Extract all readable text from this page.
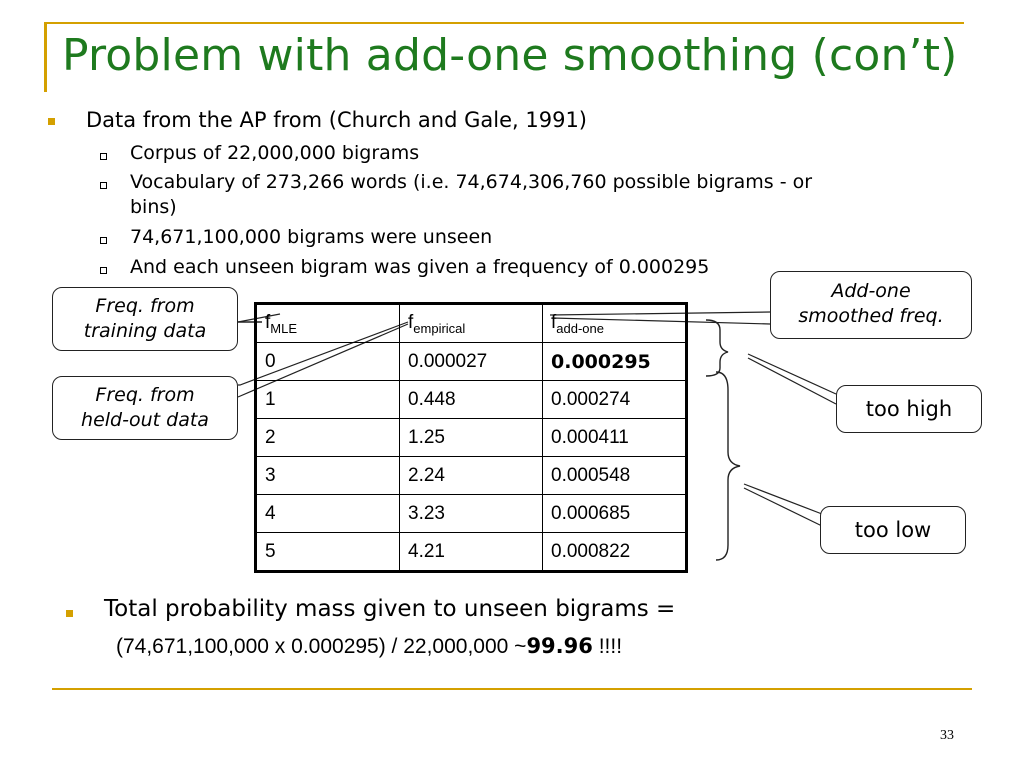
Problem with add-one smoothing (con’t)
Data from the AP from (Church and Gale, 1991)
Corpus of 22,000,000 bigrams
Vocabulary of 273,266 words (i.e. 74,674,306,760 possible bigrams - or
bins)
74,671,100,000 bigrams were unseen
And each unseen bigram was given a frequency of 0.000295
$f_{MLE}$	$f_{empirical}$	$f_{add-one}$
0	0.000027	0.000295
1	0.448	0.000274
2	1.25	0.000411
3	2.24	0.000548
4	3.23	0.000685
5	4.21	0.000822
Freq. from
training data
Freq. from
held-out data
Add-one
smoothed freq.
too high
too low
Total probability mass given to unseen bigrams =
(74,671,100,000 x 0.000295) / 22,000,000 ~99.96 !!!!
33
